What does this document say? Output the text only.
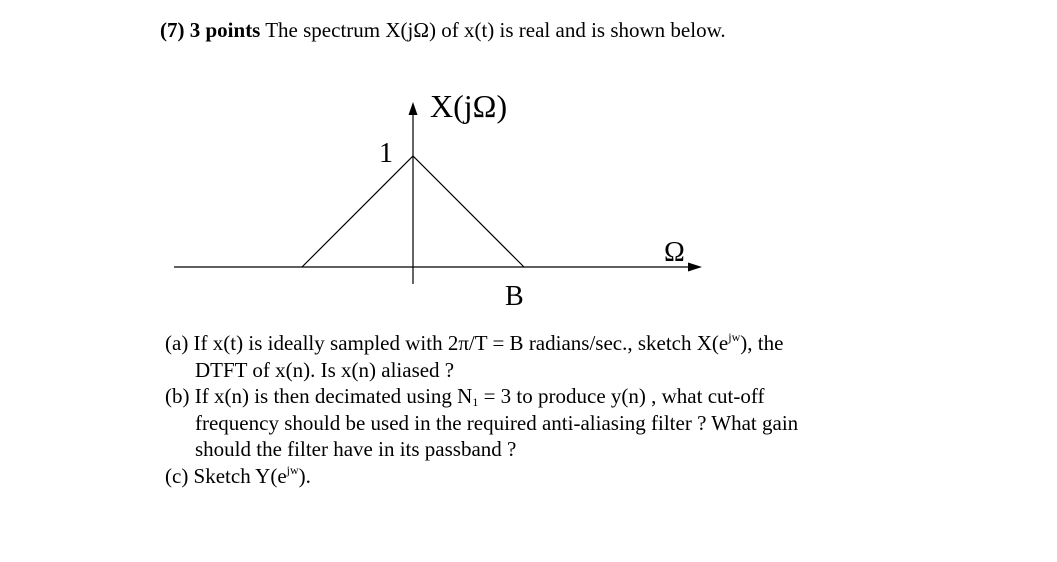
(7) 3 points The spectrum X(jΩ) of x(t) is real and is shown below.
X(jΩ)
1
Ω
B
(a) If x(t) is ideally sampled with 2π/T = B radians/sec., sketch $X(e^{jw})$, the
DTFT of x(n). Is x(n) aliased ?
(b) If x(n) is then decimated using $N_1 = 3$ to produce y(n) , what cut-off
frequency should be used in the required anti-aliasing filter ? What gain
should the filter have in its passband ?
(c) Sketch $Y(e^{jw})$.
